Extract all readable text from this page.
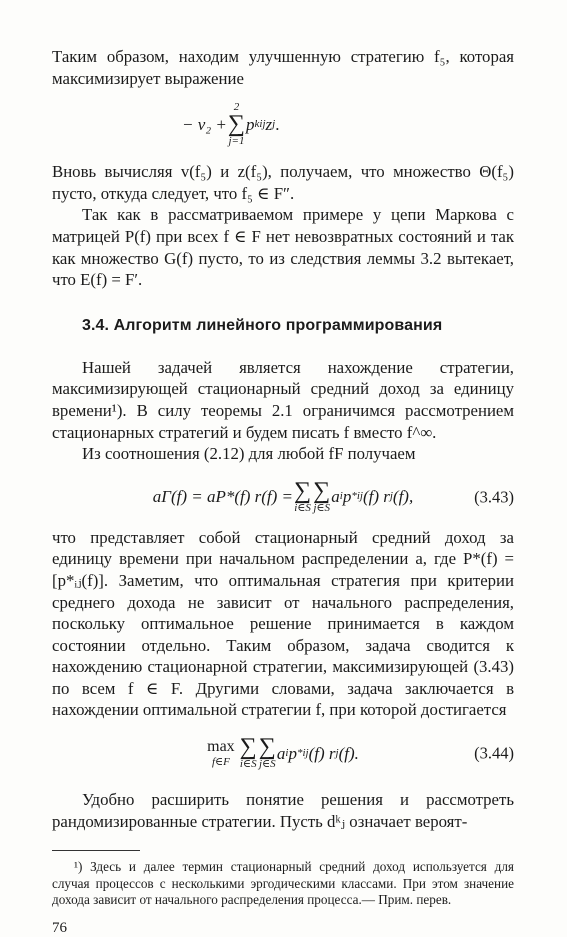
Таким образом, находим улучшенную стратегию f₅, которая максимизирует выражение

− v₂ +
2
∑
j=1
p k ij z j .

Вновь вычисляя v(f₅) и z(f₅), получаем, что множество Θ(f₅) пусто, откуда следует, что f₅ ∈ F″.

Так как в рассматриваемом примере у цепи Маркова с матрицей P(f) при всех f ∈ F нет невозвратных состояний и так как множество G(f) пусто, то из следствия леммы 3.2 вытекает, что E(f) = F′.

3.4. Алгоритм линейного программирования

Нашей задачей является нахождение стратегии, максимизирующей стационарный средний доход за единицу времени¹). В силу теоремы 2.1 ограничимся рассмотрением стационарных стратегий и будем писать f вместо f^∞.

Из соотношения (2.12) для любой fF получаем

aΓ(f) = aP*(f) r(f) = ∑
i∈S
∑
j∈S
a i p * ij (f) r j (f),	(3.43)

что представляет собой стационарный средний доход за единицу времени при начальном распределении a, где P*(f) = [p*ᵢⱼ(f)]. Заметим, что оптимальная стратегия при критерии среднего дохода не зависит от начального распределения, поскольку оптимальное решение принимается в каждом состоянии отдельно. Таким образом, задача сводится к нахождению стационарной стратегии, максимизирующей (3.43) по всем f ∈ F. Другими словами, задача заключается в нахождении оптимальной стратегии f, при которой достигается

max
f∈F
∑
i∈S
∑
j∈S
a i p * ij (f) r j (f).	(3.44)

Удобно расширить понятие решения и рассмотреть рандомизированные стратегии. Пусть dᵏⱼ означает вероят-

¹) Здесь и далее термин стационарный средний доход используется для случая процессов с несколькими эргодическими классами. При этом значение дохода зависит от начального распределения процесса.— Прим. перев.

76
